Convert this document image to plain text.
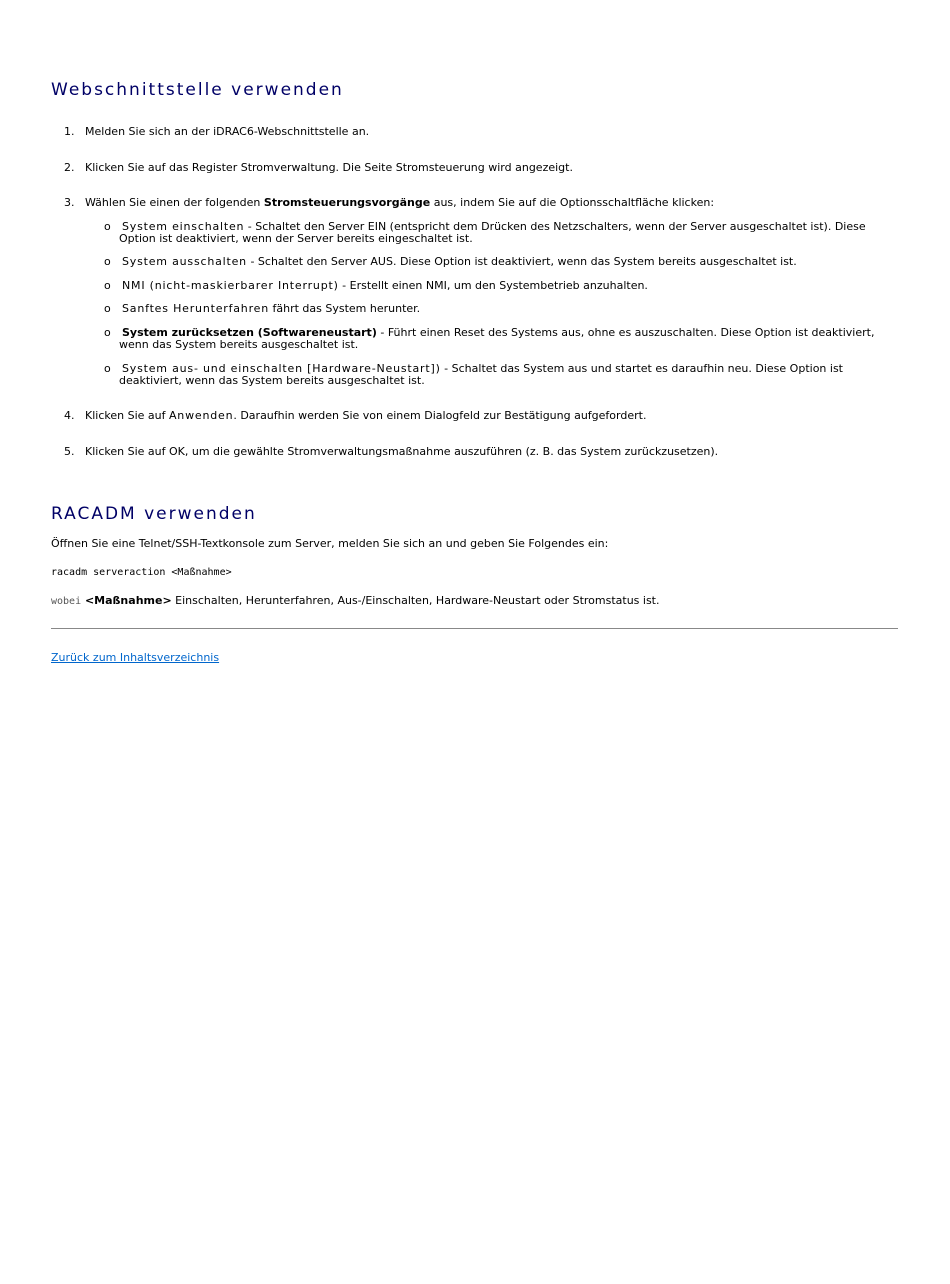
Webschnittstelle verwenden
1. Melden Sie sich an der iDRAC6-Webschnittstelle an.
2. Klicken Sie auf das Register Stromverwaltung. Die Seite Stromsteuerung wird angezeigt.
3. Wählen Sie einen der folgenden Stromsteuerungsvorgänge aus, indem Sie auf die Optionsschaltfläche klicken:
o	System einschalten - Schaltet den Server EIN (entspricht dem Drücken des Netzschalters, wenn der Server ausgeschaltet ist). Diese Option ist deaktiviert, wenn der Server bereits eingeschaltet ist.
o	System ausschalten - Schaltet den Server AUS. Diese Option ist deaktiviert, wenn das System bereits ausgeschaltet ist.
o	NMI (nicht-maskierbarer Interrupt) - Erstellt einen NMI, um den Systembetrieb anzuhalten.
o	Sanftes Herunterfahren fährt das System herunter.
o	System zurücksetzen (Softwareneustart) - Führt einen Reset des Systems aus, ohne es auszuschalten. Diese Option ist deaktiviert, wenn das System bereits ausgeschaltet ist.
o	System aus- und einschalten [Hardware-Neustart]) - Schaltet das System aus und startet es daraufhin neu. Diese Option ist deaktiviert, wenn das System bereits ausgeschaltet ist.
4. Klicken Sie auf Anwenden. Daraufhin werden Sie von einem Dialogfeld zur Bestätigung aufgefordert.
5. Klicken Sie auf OK, um die gewählte Stromverwaltungsmaßnahme auszuführen (z. B. das System zurückzusetzen).
RACADM verwenden
Öffnen Sie eine Telnet/SSH-Textkonsole zum Server, melden Sie sich an und geben Sie Folgendes ein:
racadm serveraction <Maßnahme>
wobei <Maßnahme> Einschalten, Herunterfahren, Aus-/Einschalten, Hardware-Neustart oder Stromstatus ist.
Zurück zum Inhaltsverzeichnis
